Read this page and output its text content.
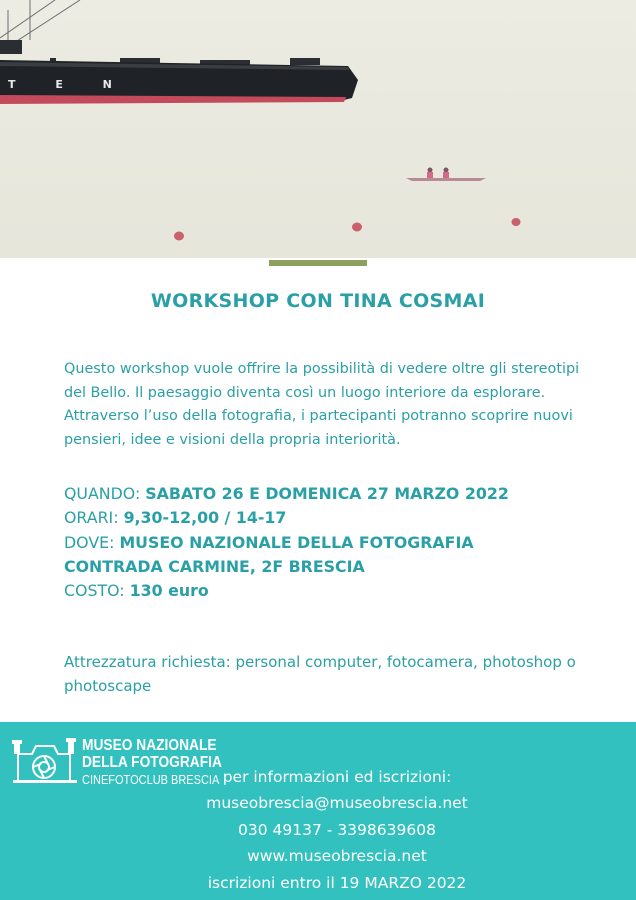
T E N
WORKSHOP CON TINA COSMAI
Questo workshop vuole offrire la possibilità di vedere oltre gli stereotipi del Bello. Il paesaggio diventa così un luogo interiore da esplorare. Attraverso l’uso della fotografia, i partecipanti potranno scoprire nuovi pensieri, idee e visioni della propria interiorità.
QUANDO: SABATO 26 E DOMENICA 27 MARZO 2022
ORARI: 9,30-12,00 / 14-17
DOVE: MUSEO NAZIONALE DELLA FOTOGRAFIA
CONTRADA CARMINE, 2F BRESCIA
COSTO: 130 euro
Attrezzatura richiesta: personal computer, fotocamera, photoshop o photoscape
MUSEO NAZIONALE
DELLA FOTOGRAFIA
CINEFOTOCLUB BRESCIA per informazioni ed iscrizioni:
museobrescia@museobrescia.net
030 49137 - 3398639608
www.museobrescia.net
iscrizioni entro il 19 MARZO 2022
